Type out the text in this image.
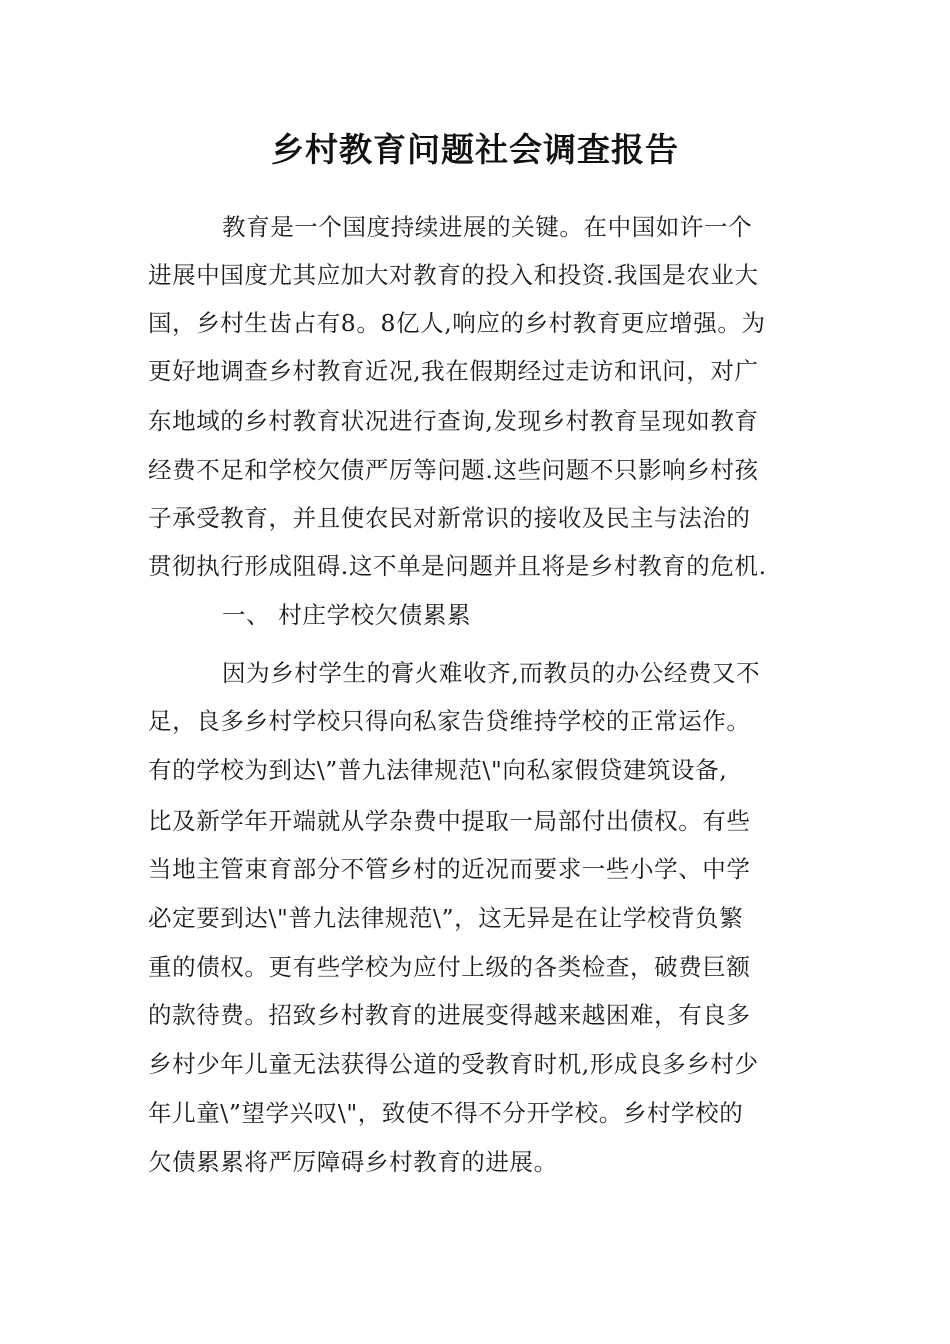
乡村教育问题社会调查报告
教育是一个国度持续进展的关键。在中国如许一个
进展中国度尤其应加大对教育的投入和投资.我国是农业大
国，乡村生齿占有8。8亿人,响应的乡村教育更应增强。为
更好地调查乡村教育近况,我在假期经过走访和讯问，对广
东地域的乡村教育状况进行查询,发现乡村教育呈现如教育
经费不足和学校欠债严厉等问题.这些问题不只影响乡村孩
子承受教育，并且使农民对新常识的接收及民主与法治的
贯彻执行形成阻碍.这不单是问题并且将是乡村教育的危机.
一、 村庄学校欠债累累
因为乡村学生的膏火难收齐,而教员的办公经费又不
足，良多乡村学校只得向私家告贷维持学校的正常运作。
有的学校为到达\”普九法律规范\"向私家假贷建筑设备,
比及新学年开端就从学杂费中提取一局部付出债权。有些
当地主管束育部分不管乡村的近况而要求一些小学、中学
必定要到达\"普九法律规范\”，这无异是在让学校背负繁
重的债权。更有些学校为应付上级的各类检查，破费巨额
的款待费。招致乡村教育的进展变得越来越困难，有良多
乡村少年儿童无法获得公道的受教育时机,形成良多乡村少
年儿童\”望学兴叹\"，致使不得不分开学校。乡村学校的
欠债累累将严厉障碍乡村教育的进展。
